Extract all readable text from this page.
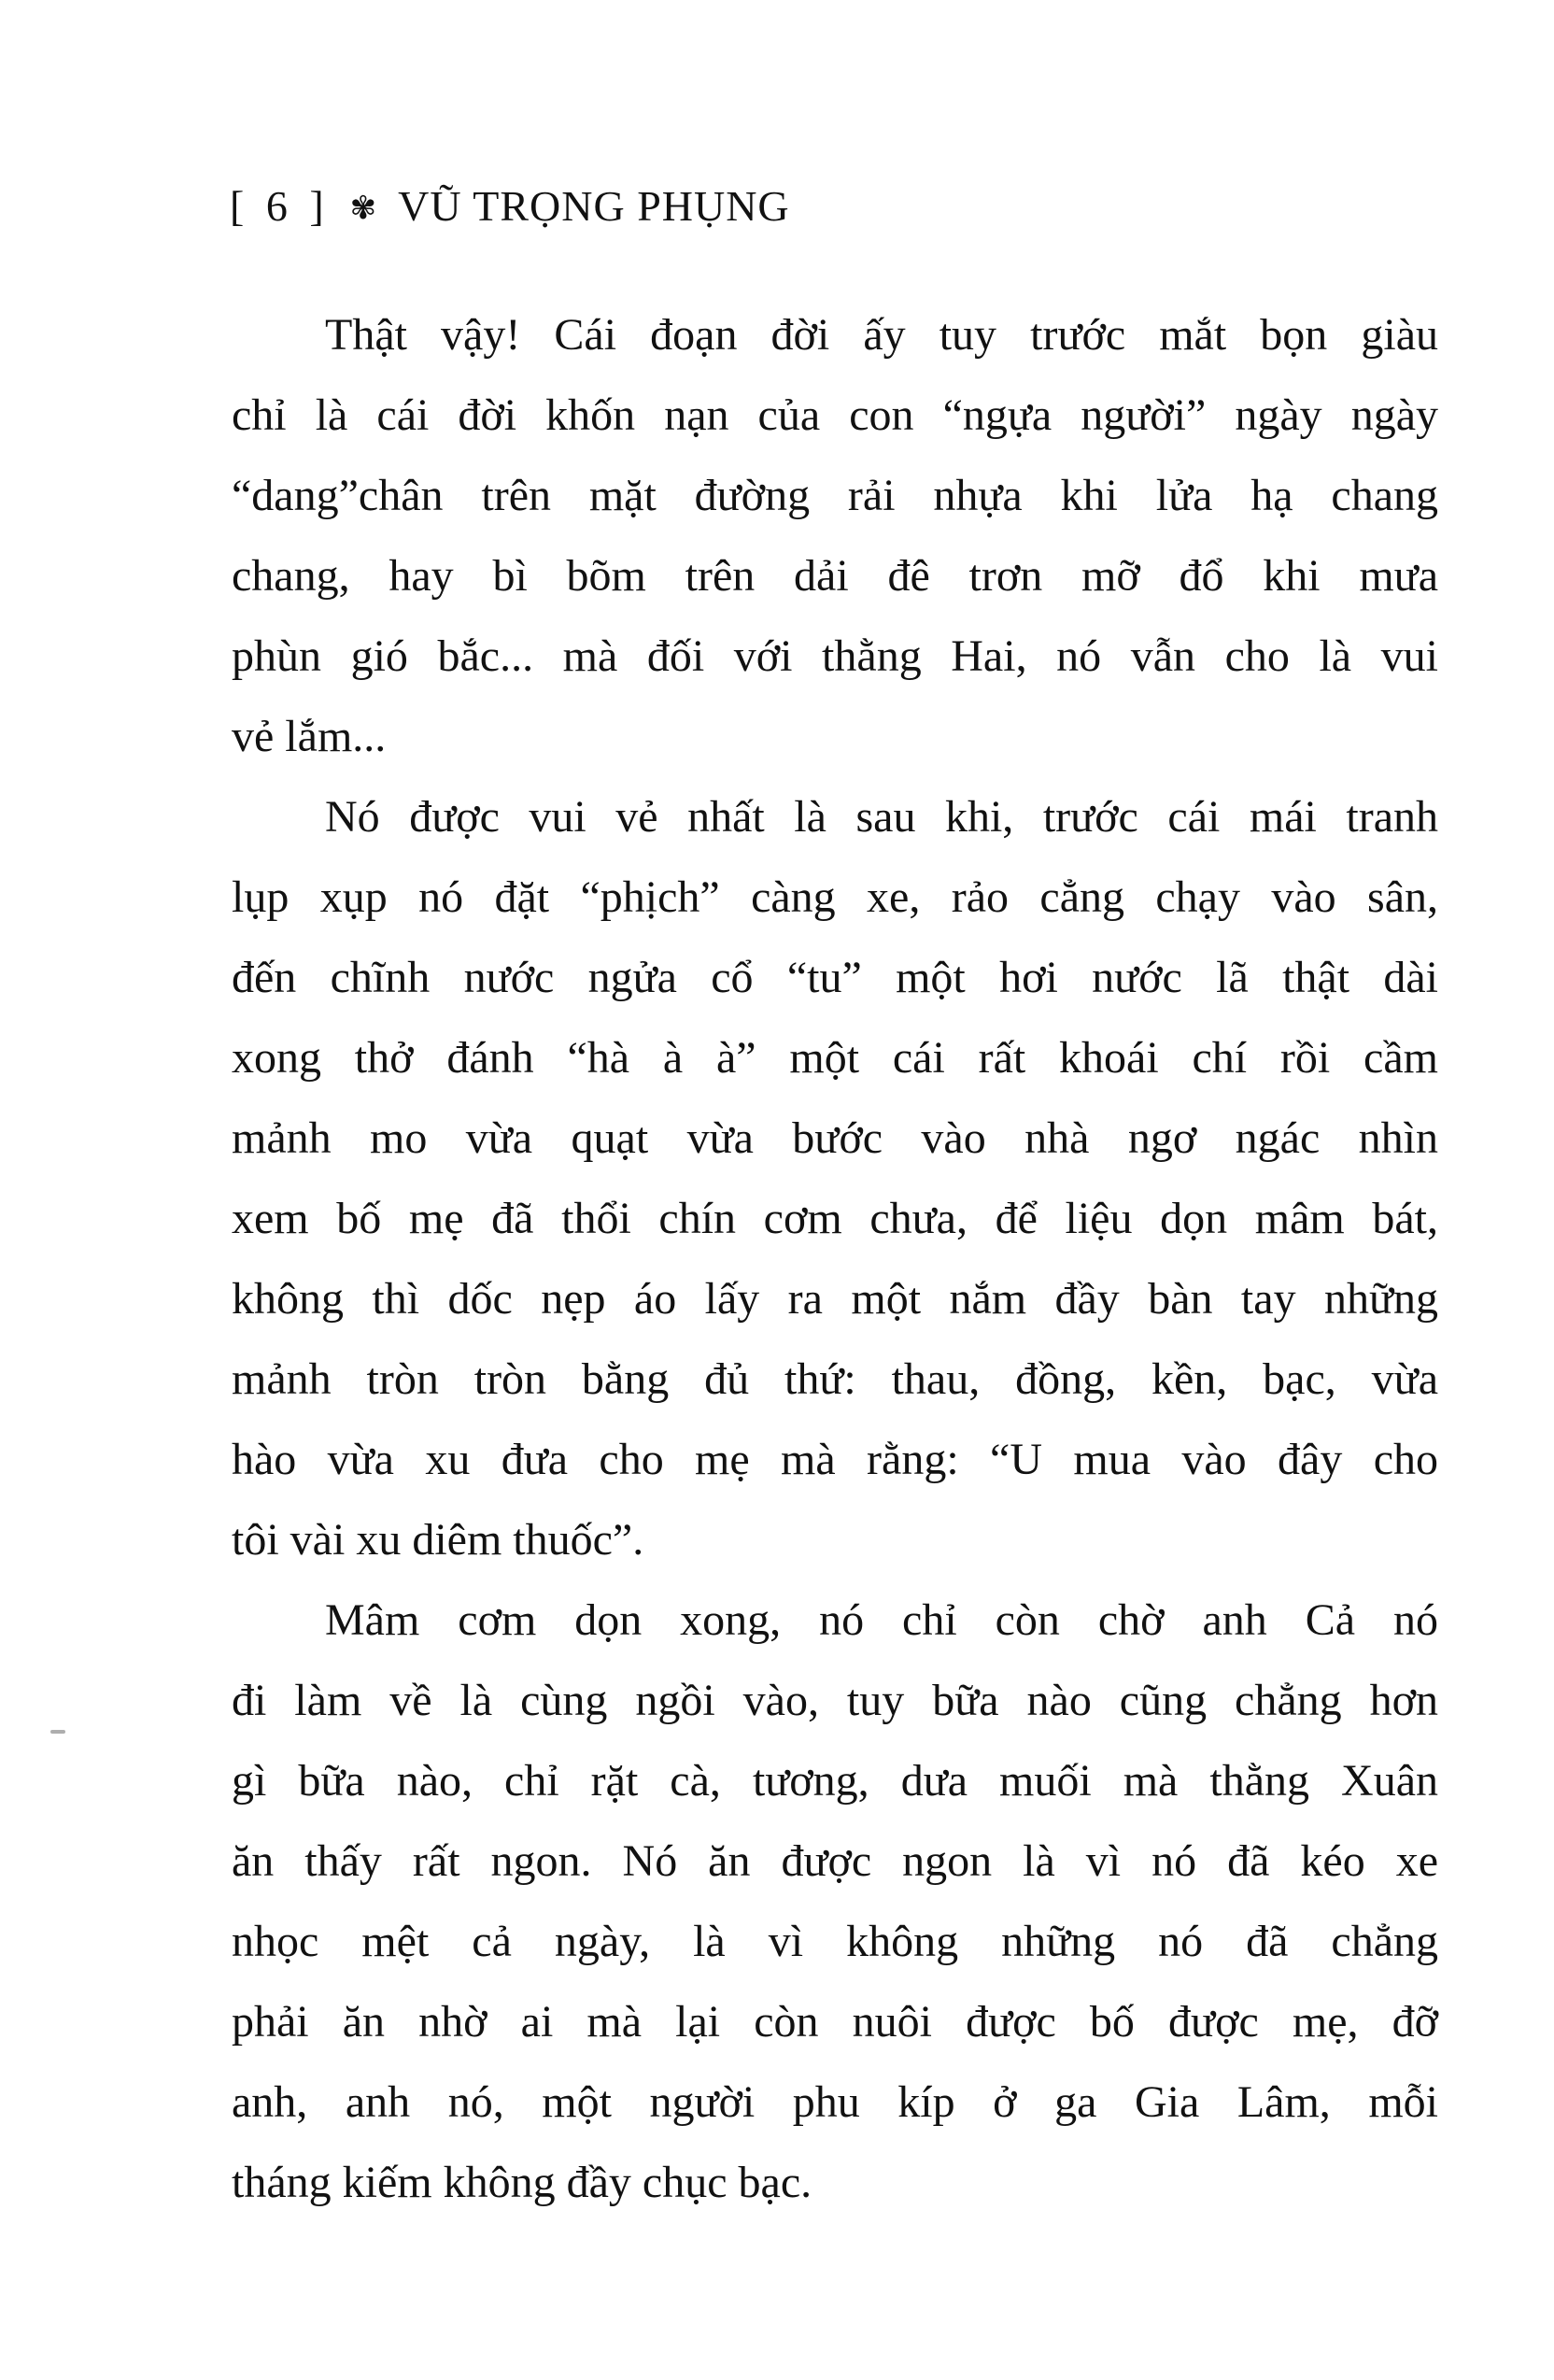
[ 6 ] ✾ VŨ TRỌNG PHỤNG
Thật vậy! Cái đoạn đời ấy tuy trước mắt bọn giàu
chỉ là cái đời khốn nạn của con “ngựa người” ngày ngày
“dang”chân trên mặt đường rải nhựa khi lửa hạ chang
chang, hay bì bõm trên dải đê trơn mỡ đổ khi mưa
phùn gió bắc... mà đối với thằng Hai, nó vẫn cho là vui
vẻ lắm...
Nó được vui vẻ nhất là sau khi, trước cái mái tranh
lụp xụp nó đặt “phịch” càng xe, rảo cẳng chạy vào sân,
đến chĩnh nước ngửa cổ “tu” một hơi nước lã thật dài
xong thở đánh “hà à à” một cái rất khoái chí rồi cầm
mảnh mo vừa quạt vừa bước vào nhà ngơ ngác nhìn
xem bố mẹ đã thổi chín cơm chưa, để liệu dọn mâm bát,
không thì dốc nẹp áo lấy ra một nắm đầy bàn tay những
mảnh tròn tròn bằng đủ thứ: thau, đồng, kền, bạc, vừa
hào vừa xu đưa cho mẹ mà rằng: “U mua vào đây cho
tôi vài xu diêm thuốc”.
Mâm cơm dọn xong, nó chỉ còn chờ anh Cả nó
đi làm về là cùng ngồi vào, tuy bữa nào cũng chẳng hơn
gì bữa nào, chỉ rặt cà, tương, dưa muối mà thằng Xuân
ăn thấy rất ngon. Nó ăn được ngon là vì nó đã kéo xe
nhọc mệt cả ngày, là vì không những nó đã chẳng
phải ăn nhờ ai mà lại còn nuôi được bố được mẹ, đỡ
anh, anh nó, một người phu kíp ở ga Gia Lâm, mỗi
tháng kiếm không đầy chục bạc.
